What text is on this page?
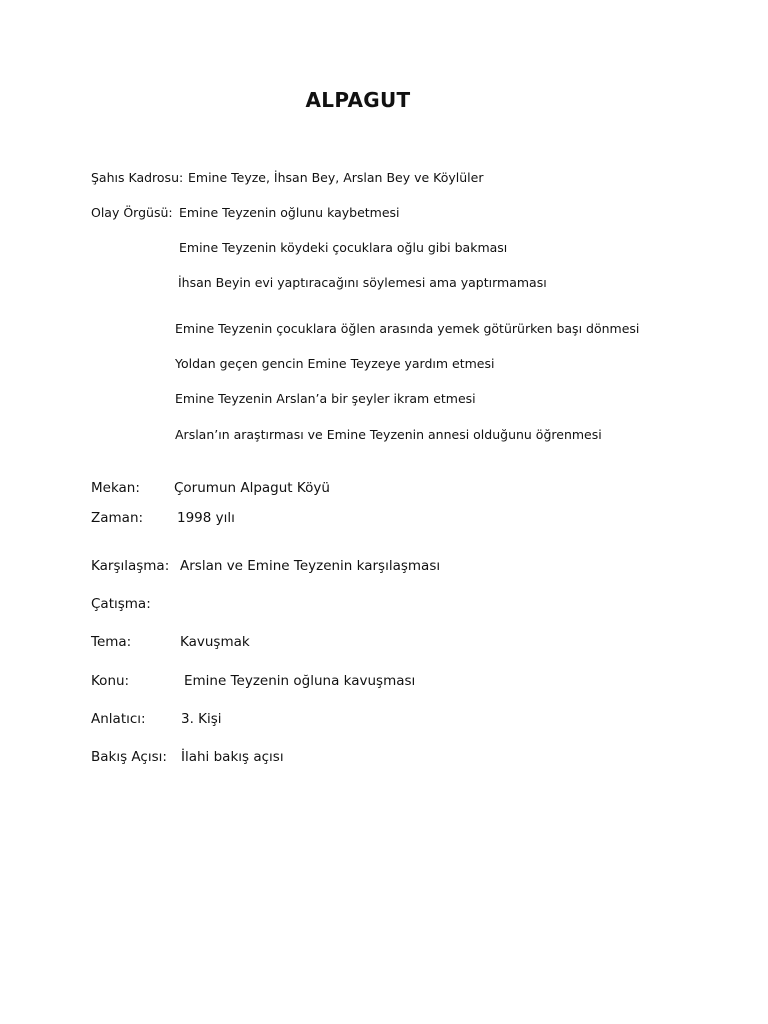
ALPAGUT
Şahıs Kadrosu: Emine Teyze, İhsan Bey, Arslan Bey ve Köylüler
Olay Örgüsü: Emine Teyzenin oğlunu kaybetmesi
Emine Teyzenin köydeki çocuklara oğlu gibi bakması
İhsan Beyin evi yaptıracağını söylemesi ama yaptırmaması
Emine Teyzenin çocuklara öğlen arasında yemek götürürken başı dönmesi
Yoldan geçen gencin Emine Teyzeye yardım etmesi
Emine Teyzenin Arslan’a bir şeyler ikram etmesi
Arslan’ın araştırması ve Emine Teyzenin annesi olduğunu öğrenmesi
Mekan:	Çorumun Alpagut Köyü
Zaman:	1998 yılı
Karşılaşma: Arslan ve Emine Teyzenin karşılaşması
Çatışma:
Tema:	Kavuşmak
Konu:	Emine Teyzenin oğluna kavuşması
Anlatıcı:	3. Kişi
Bakış Açısı: İlahi bakış açısı
